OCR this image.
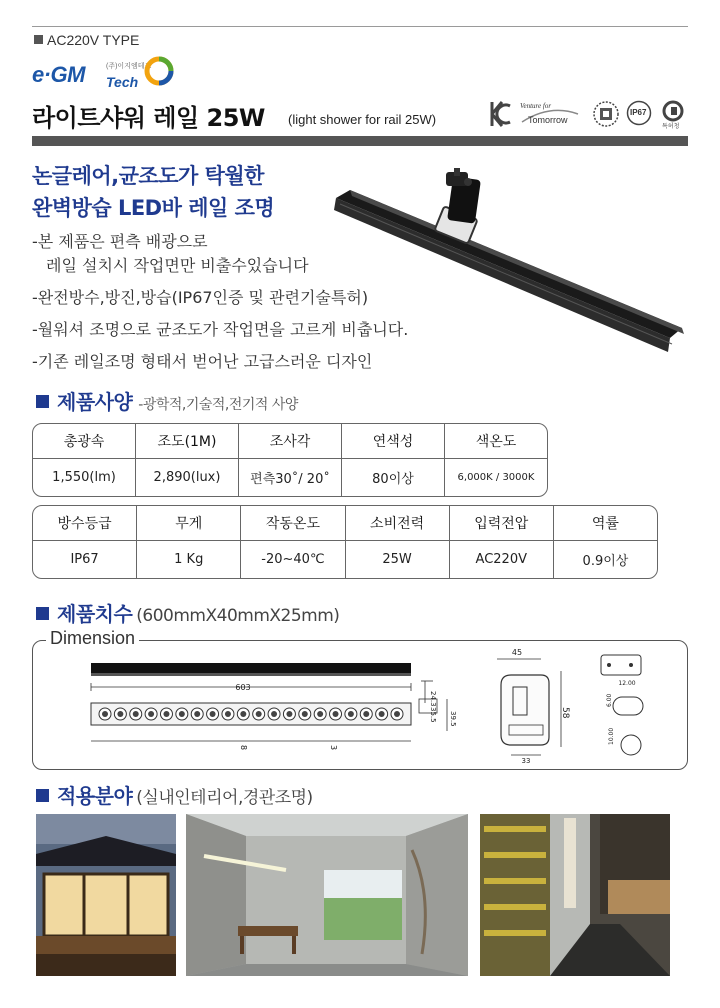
AC220V TYPE
e·GM	(주)이지엠테크
Tech
라이트샤워 레일 25W (light shower for rail 25W)
Venture for
Tomorrow
IP67
특허청
논글레어,균조도가 탁월한
완벽방습 LED바 레일 조명
-본 제품은 편측 배광으로
레일 설치시 작업면만 비출수있습니다
-완전방수,방진,방습(IP67인증 및 관련기술특허)
-월워셔 조명으로 균조도가 작업면을 고르게 비춥니다.
-기존 레일조명 형태서 벋어난 고급스러운 디자인
제품사양 -광학적,기술적,전기적 사양
총광속	조도(1M)	조사각	연색성	색온도
1,550(lm)	2,890(lux)	편측30˚/ 20˚	80이상	6,000K / 3000K
방수등급	무게	작동온도	소비전력	입력전압	역률
IP67	1 Kg	-20~40℃	25W	AC220V	0.9이상
제품치수 (600mmX40mmX25mm)
Dimension
603
8	3
24.3
35.5 39.5
45
58
33
12.00
6.00
10.00
적용분야 (실내인테리어,경관조명)
